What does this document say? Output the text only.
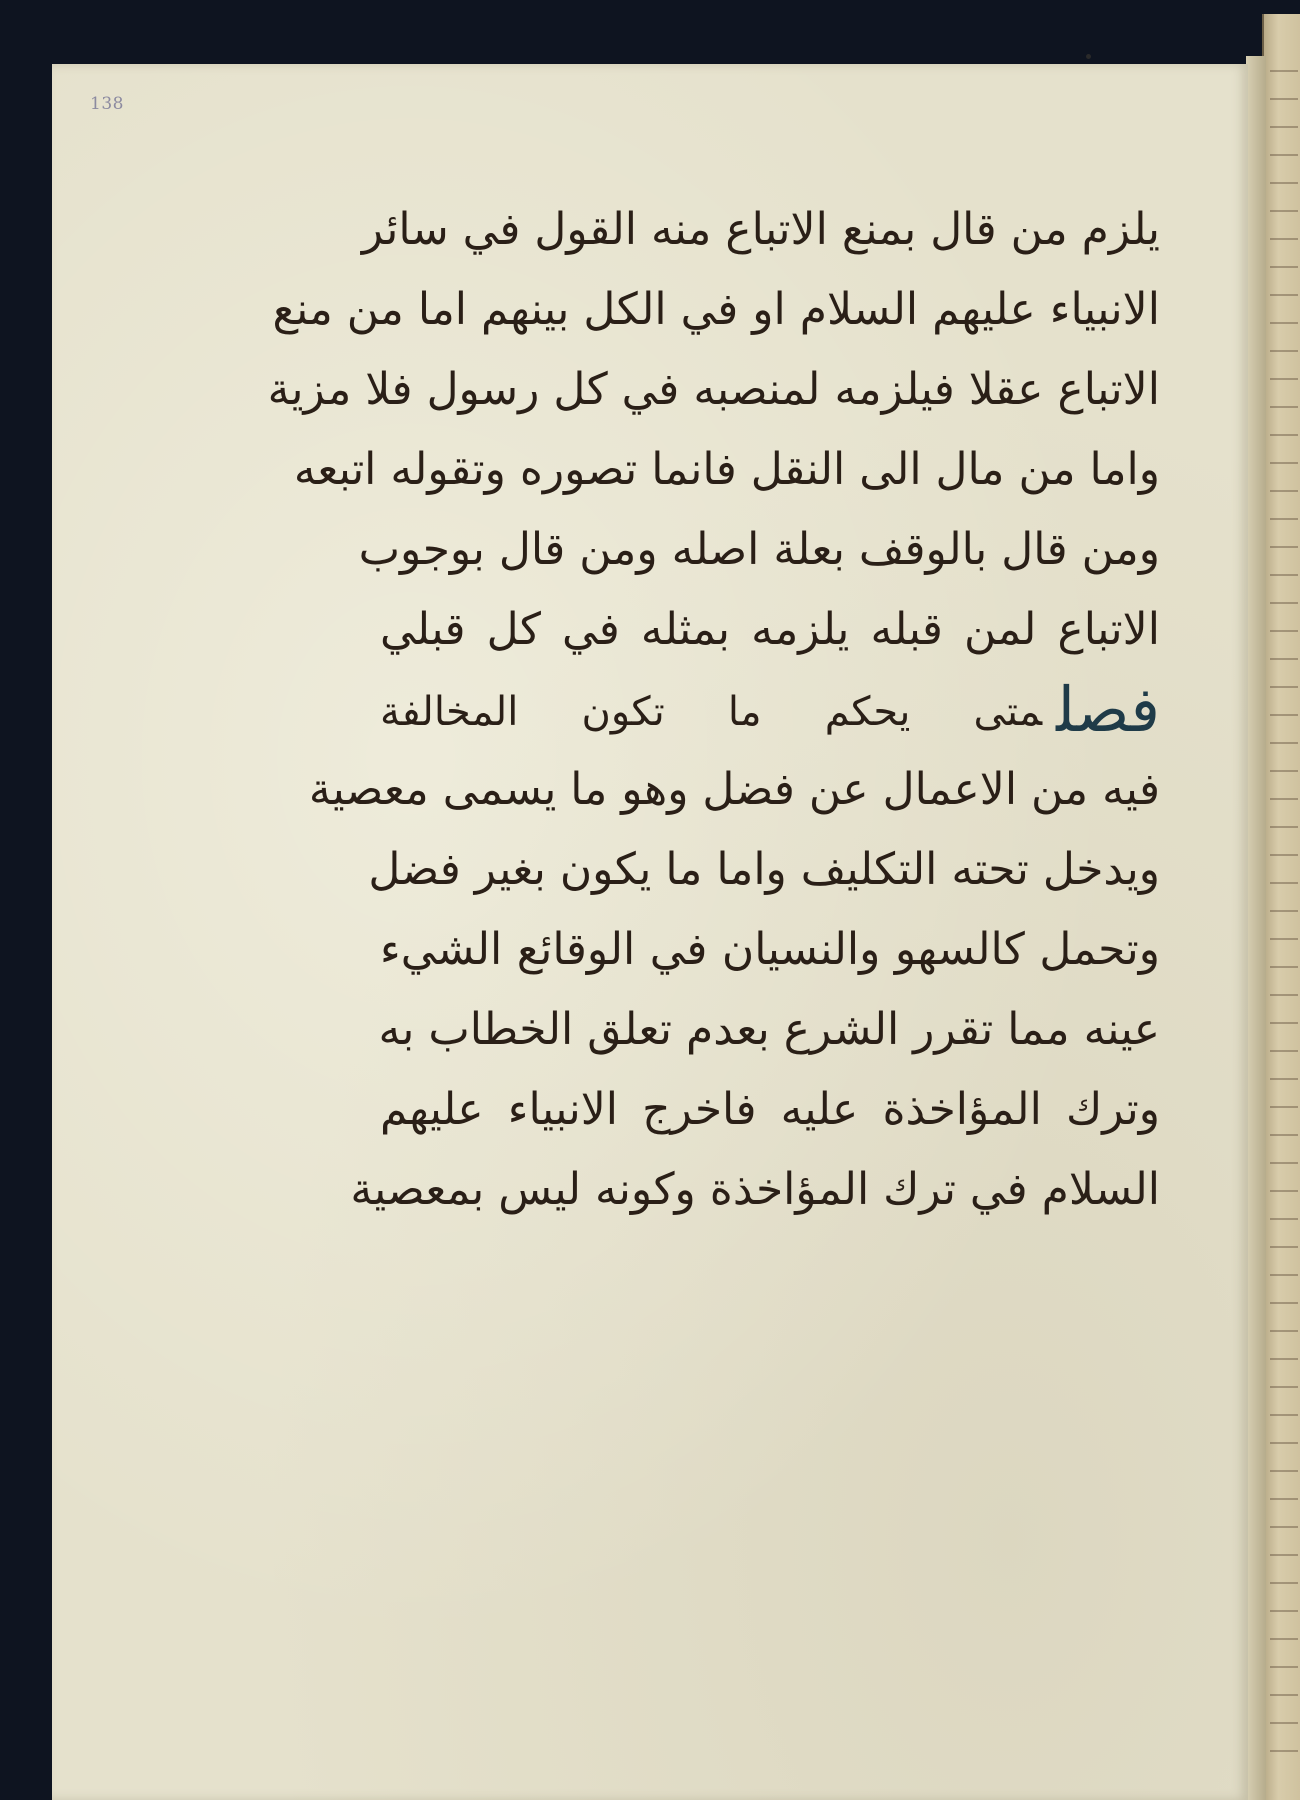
138
يلزم من قال بمنع الاتباع منه القول في سائر
الانبياء عليهم السلام او في الكل بينهم اما من منع
الاتباع عقلا فيلزمه لمنصبه في كل رسول فلا مزية
واما من مال الى النقل فانما تصوره وتقوله اتبعه
ومن قال بالوقف بعلة اصله ومن قال بوجوب
الاتباع لمن قبله يلزمه بمثله في كل قبلي
فصلمتى يحكم ما تكون المخالفة
فيه من الاعمال عن فضل وهو ما يسمى معصية
ويدخل تحته التكليف واما ما يكون بغير فضل
وتحمل كالسهو والنسيان في الوقائع الشيء
عينه مما تقرر الشرع بعدم تعلق الخطاب به
وترك المؤاخذة عليه فاخرج الانبياء عليهم
السلام في ترك المؤاخذة وكونه ليس بمعصية
